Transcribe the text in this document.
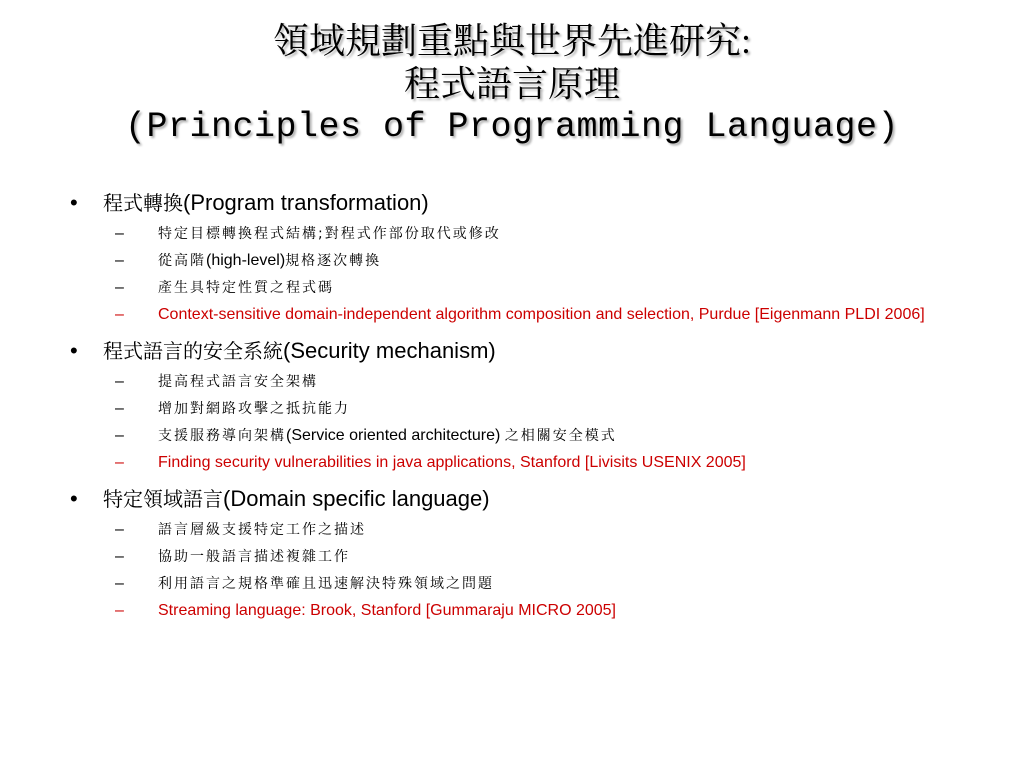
領域規劃重點與世界先進研究:
程式語言原理
(Principles of Programming Language)
• 程式轉換(Program transformation)
– 特定目標轉換程式結構;對程式作部份取代或修改
– 從高階(high-level)規格逐次轉換
– 產生具特定性質之程式碼
– Context-sensitive domain-independent algorithm composition and selection, Purdue [Eigenmann PLDI 2006]
• 程式語言的安全系統(Security mechanism)
– 提高程式語言安全架構
– 增加對網路攻擊之抵抗能力
– 支援服務導向架構(Service oriented architecture) 之相關安全模式
– Finding security vulnerabilities in java applications, Stanford [Livisits USENIX 2005]
• 特定領域語言(Domain specific language)
– 語言層級支援特定工作之描述
– 協助一般語言描述複雜工作
– 利用語言之規格準確且迅速解決特殊領域之問題
– Streaming language: Brook, Stanford [Gummaraju MICRO 2005]
